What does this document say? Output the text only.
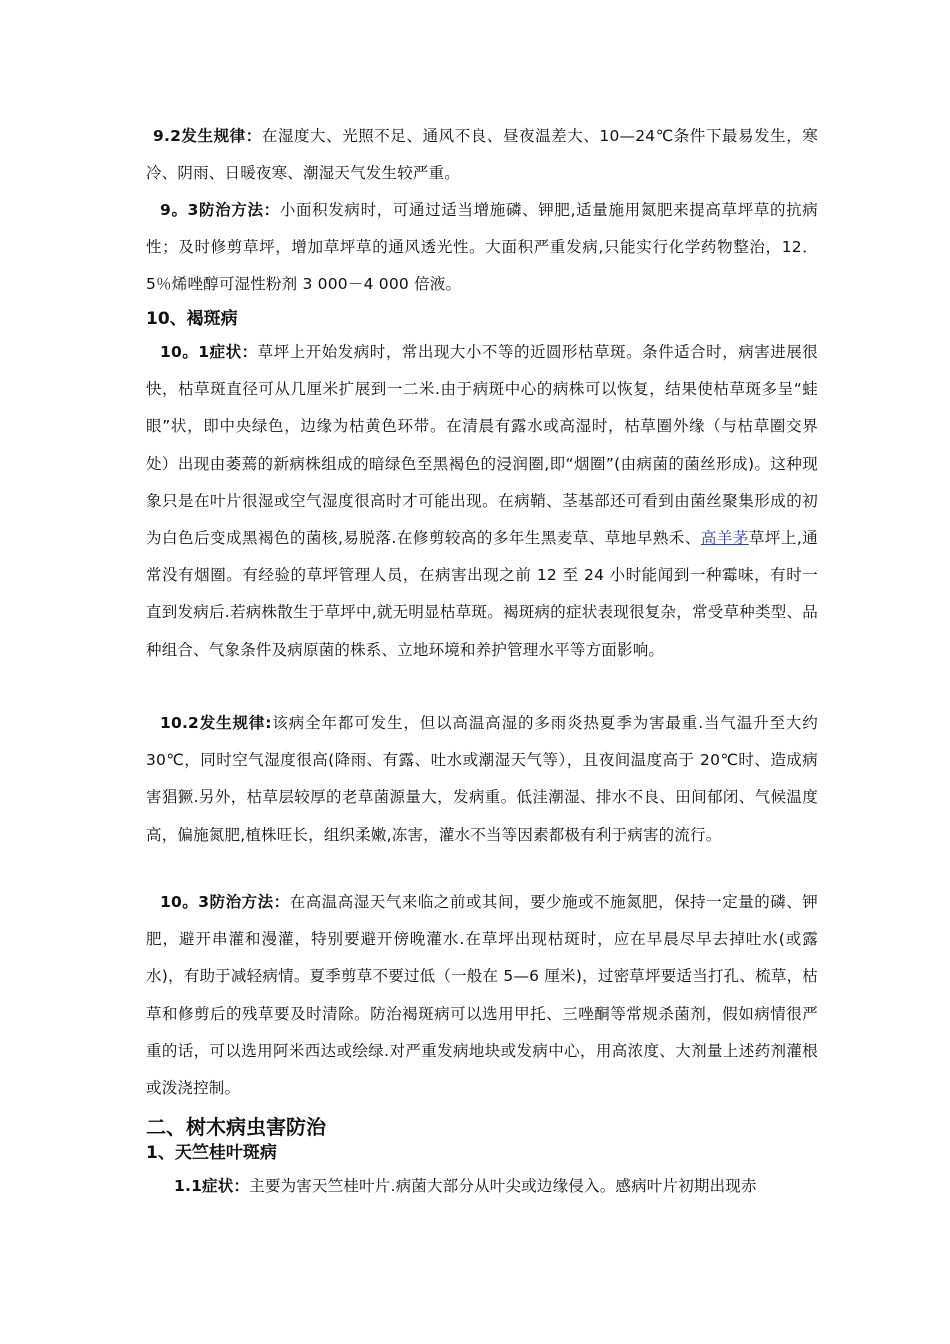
9.2发生规律：在湿度大、光照不足、通风不良、昼夜温差大、10—24℃条件下最易发生，寒冷、阴雨、日暖夜寒、潮湿天气发生较严重。

9。3防治方法：小面积发病时，可通过适当增施磷、钾肥,适量施用氮肥来提高草坪草的抗病性；及时修剪草坪，增加草坪草的通风透光性。大面积严重发病,只能实行化学药物整治，12．5％烯唑醇可湿性粉剂 3 000－4 000 倍液。

10、褐斑病

10。1症状：草坪上开始发病时，常出现大小不等的近圆形枯草斑。条件适合时，病害进展很快，枯草斑直径可从几厘米扩展到一二米.由于病斑中心的病株可以恢复，结果使枯草斑多呈“蛙眼”状，即中央绿色，边缘为枯黄色环带。在清晨有露水或高湿时，枯草圈外缘（与枯草圈交界处）出现由萎蔫的新病株组成的暗绿色至黑褐色的浸润圈,即“烟圈”(由病菌的菌丝形成)。这种现象只是在叶片很湿或空气湿度很高时才可能出现。在病鞘、茎基部还可看到由菌丝聚集形成的初为白色后变成黑褐色的菌核,易脱落.在修剪较高的多年生黑麦草、草地早熟禾、高羊茅草坪上,通常没有烟圈。有经验的草坪管理人员，在病害出现之前 12 至 24 小时能闻到一种霉味，有时一直到发病后.若病株散生于草坪中,就无明显枯草斑。褐斑病的症状表现很复杂，常受草种类型、品种组合、气象条件及病原菌的株系、立地环境和养护管理水平等方面影响。

10.2发生规律:该病全年都可发生，但以高温高湿的多雨炎热夏季为害最重.当气温升至大约 30℃，同时空气湿度很高(降雨、有露、吐水或潮湿天气等），且夜间温度高于 20℃时、造成病害猖獗.另外，枯草层较厚的老草菌源量大，发病重。低洼潮湿、排水不良、田间郁闭、气候温度高，偏施氮肥,植株旺长，组织柔嫩,冻害，灌水不当等因素都极有利于病害的流行。

10。3防治方法：在高温高湿天气来临之前或其间，要少施或不施氮肥，保持一定量的磷、钾肥，避开串灌和漫灌，特别要避开傍晚灌水.在草坪出现枯斑时，应在早晨尽早去掉吐水(或露水)，有助于减轻病情。夏季剪草不要过低（一般在 5—6 厘米)，过密草坪要适当打孔、梳草，枯草和修剪后的残草要及时清除。防治褐斑病可以选用甲托、三唑酮等常规杀菌剂，假如病情很严重的话，可以选用阿米西达或绘绿.对严重发病地块或发病中心，用高浓度、大剂量上述药剂灌根或泼浇控制。

二、树木病虫害防治
1、天竺桂叶斑病

1.1症状：主要为害天竺桂叶片.病菌大部分从叶尖或边缘侵入。感病叶片初期出现赤
